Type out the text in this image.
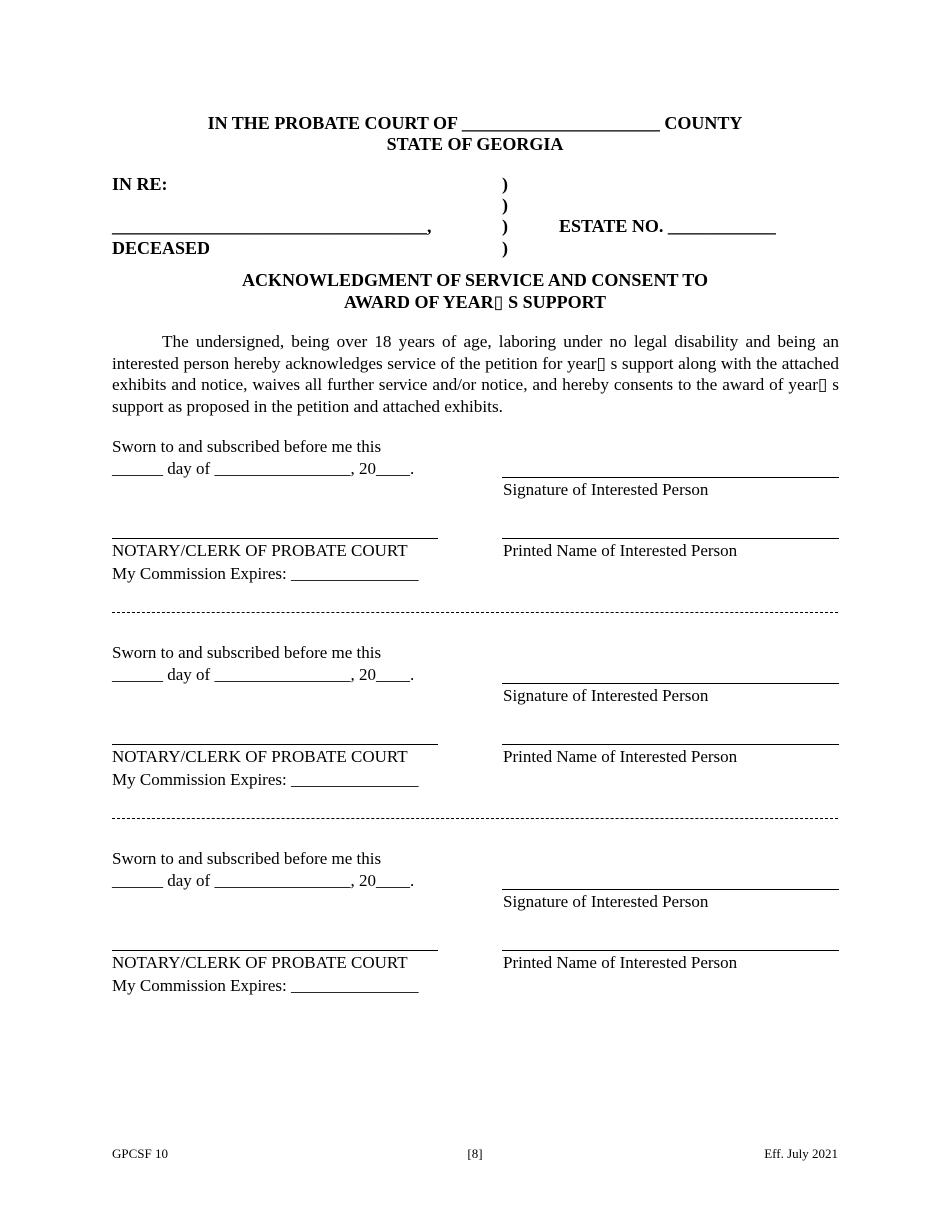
IN THE PROBATE COURT OF ______________________ COUNTY
STATE OF GEORGIA
IN RE:
___________________________________,
DECEASED
)
)
)
)
ESTATE NO. ____________
ACKNOWLEDGMENT OF SERVICE AND CONSENT TO
AWARD OF YEAR▯ S SUPPORT
The undersigned, being over 18 years of age, laboring under no legal disability and being an interested person hereby acknowledges service of the petition for year▯ s support along with the attached exhibits and notice, waives all further service and/or notice, and hereby consents to the award of year▯ s support as proposed in the petition and attached exhibits.
Sworn to and subscribed before me this
______ day of ________________, 20____.
Signature of Interested Person
NOTARY/CLERK OF PROBATE COURT	Printed Name of Interested Person
My Commission Expires: _______________
Sworn to and subscribed before me this
______ day of ________________, 20____.
Signature of Interested Person
NOTARY/CLERK OF PROBATE COURT	Printed Name of Interested Person
My Commission Expires: _______________
Sworn to and subscribed before me this
______ day of ________________, 20____.
Signature of Interested Person
NOTARY/CLERK OF PROBATE COURT	Printed Name of Interested Person
My Commission Expires: _______________
GPCSF 10	[8]	Eff. July 2021
